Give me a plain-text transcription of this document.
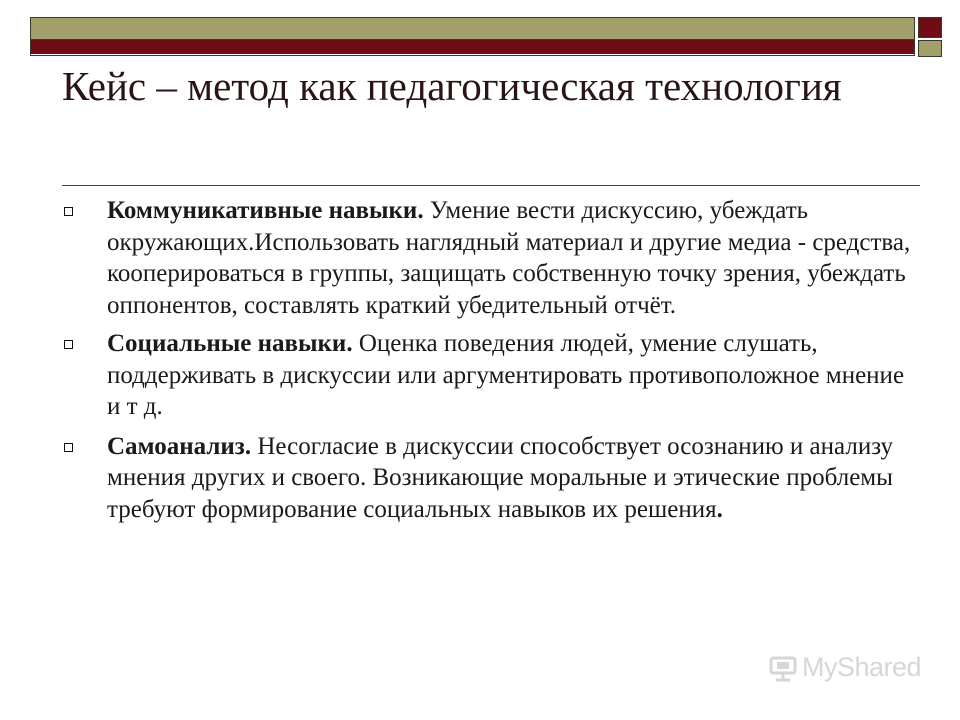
Кейс – метод как педагогическая технология
Коммуникативные навыки. Умение вести дискуссию, убеждать окружающих.Использовать наглядный материал и другие медиа - средства, кооперироваться в группы, защищать собственную точку зрения, убеждать оппонентов, составлять краткий убедительный отчёт.
Социальные навыки. Оценка поведения людей, умение слушать, поддерживать в дискуссии или аргументировать противоположное мнение и т д.
Самоанализ. Несогласие в дискуссии способствует осознанию и анализу мнения других и своего. Возникающие моральные и этические проблемы требуют формирование социальных навыков их решения.
MyShared
